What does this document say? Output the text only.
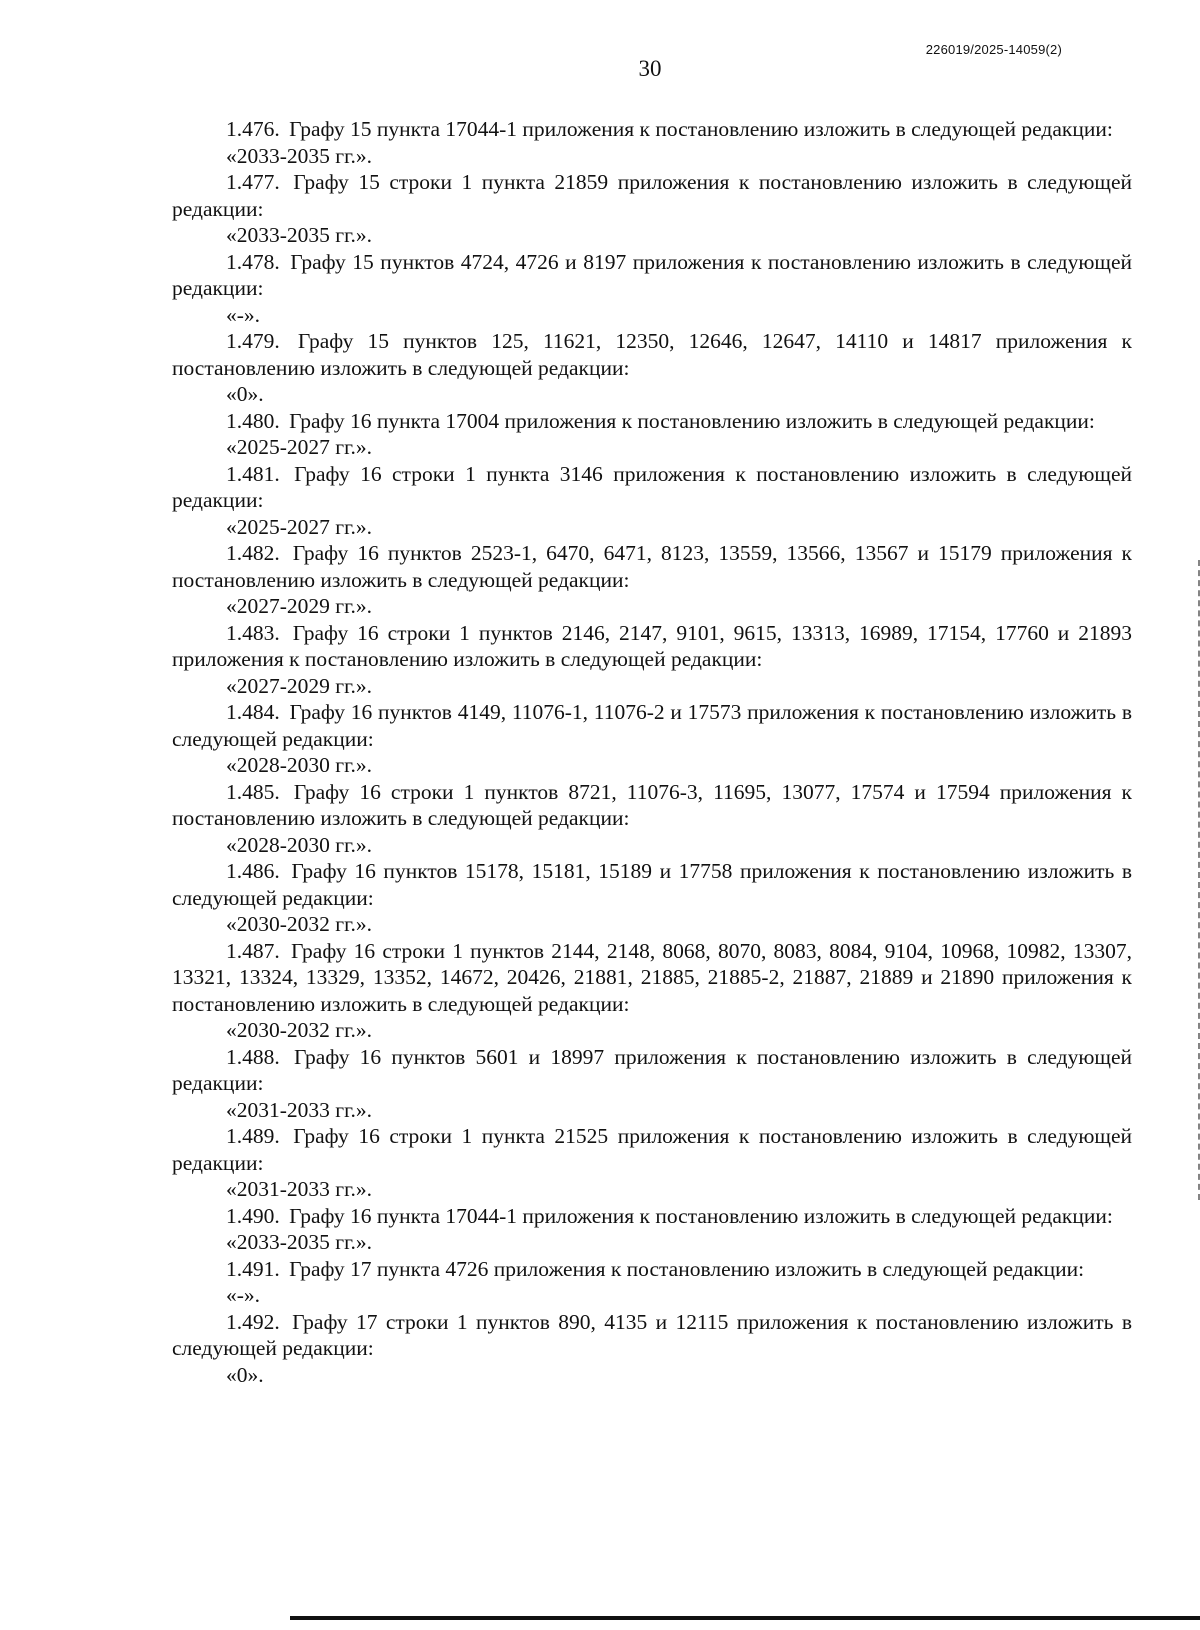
226019/2025-14059(2)
30

1.476. Графу 15 пункта 17044-1 приложения к постановлению изложить в следующей редакции:

«2033-2035 гг.».

1.477. Графу 15 строки 1 пункта 21859 приложения к постановлению изложить в следующей редакции:

«2033-2035 гг.».

1.478. Графу 15 пунктов 4724, 4726 и 8197 приложения к постановлению изложить в следующей редакции:

«-».

1.479. Графу 15 пунктов 125, 11621, 12350, 12646, 12647, 14110 и 14817 приложения к постановлению изложить в следующей редакции:

«0».

1.480. Графу 16 пункта 17004 приложения к постановлению изложить в следующей редакции:

«2025-2027 гг.».

1.481. Графу 16 строки 1 пункта 3146 приложения к постановлению изложить в следующей редакции:

«2025-2027 гг.».

1.482. Графу 16 пунктов 2523-1, 6470, 6471, 8123, 13559, 13566, 13567 и 15179 приложения к постановлению изложить в следующей редакции:

«2027-2029 гг.».

1.483. Графу 16 строки 1 пунктов 2146, 2147, 9101, 9615, 13313, 16989, 17154, 17760 и 21893 приложения к постановлению изложить в следующей редакции:

«2027-2029 гг.».

1.484. Графу 16 пунктов 4149, 11076-1, 11076-2 и 17573 приложения к постановлению изложить в следующей редакции:

«2028-2030 гг.».

1.485. Графу 16 строки 1 пунктов 8721, 11076-3, 11695, 13077, 17574 и 17594 приложения к постановлению изложить в следующей редакции:

«2028-2030 гг.».

1.486. Графу 16 пунктов 15178, 15181, 15189 и 17758 приложения к постановлению изложить в следующей редакции:

«2030-2032 гг.».

1.487. Графу 16 строки 1 пунктов 2144, 2148, 8068, 8070, 8083, 8084, 9104, 10968, 10982, 13307, 13321, 13324, 13329, 13352, 14672, 20426, 21881, 21885, 21885-2, 21887, 21889 и 21890 приложения к постановлению изложить в следующей редакции:

«2030-2032 гг.».

1.488. Графу 16 пунктов 5601 и 18997 приложения к постановлению изложить в следующей редакции:

«2031-2033 гг.».

1.489. Графу 16 строки 1 пункта 21525 приложения к постановлению изложить в следующей редакции:

«2031-2033 гг.».

1.490. Графу 16 пункта 17044-1 приложения к постановлению изложить в следующей редакции:

«2033-2035 гг.».

1.491. Графу 17 пункта 4726 приложения к постановлению изложить в следующей редакции:

«-».

1.492. Графу 17 строки 1 пунктов 890, 4135 и 12115 приложения к постановлению изложить в следующей редакции:

«0».
